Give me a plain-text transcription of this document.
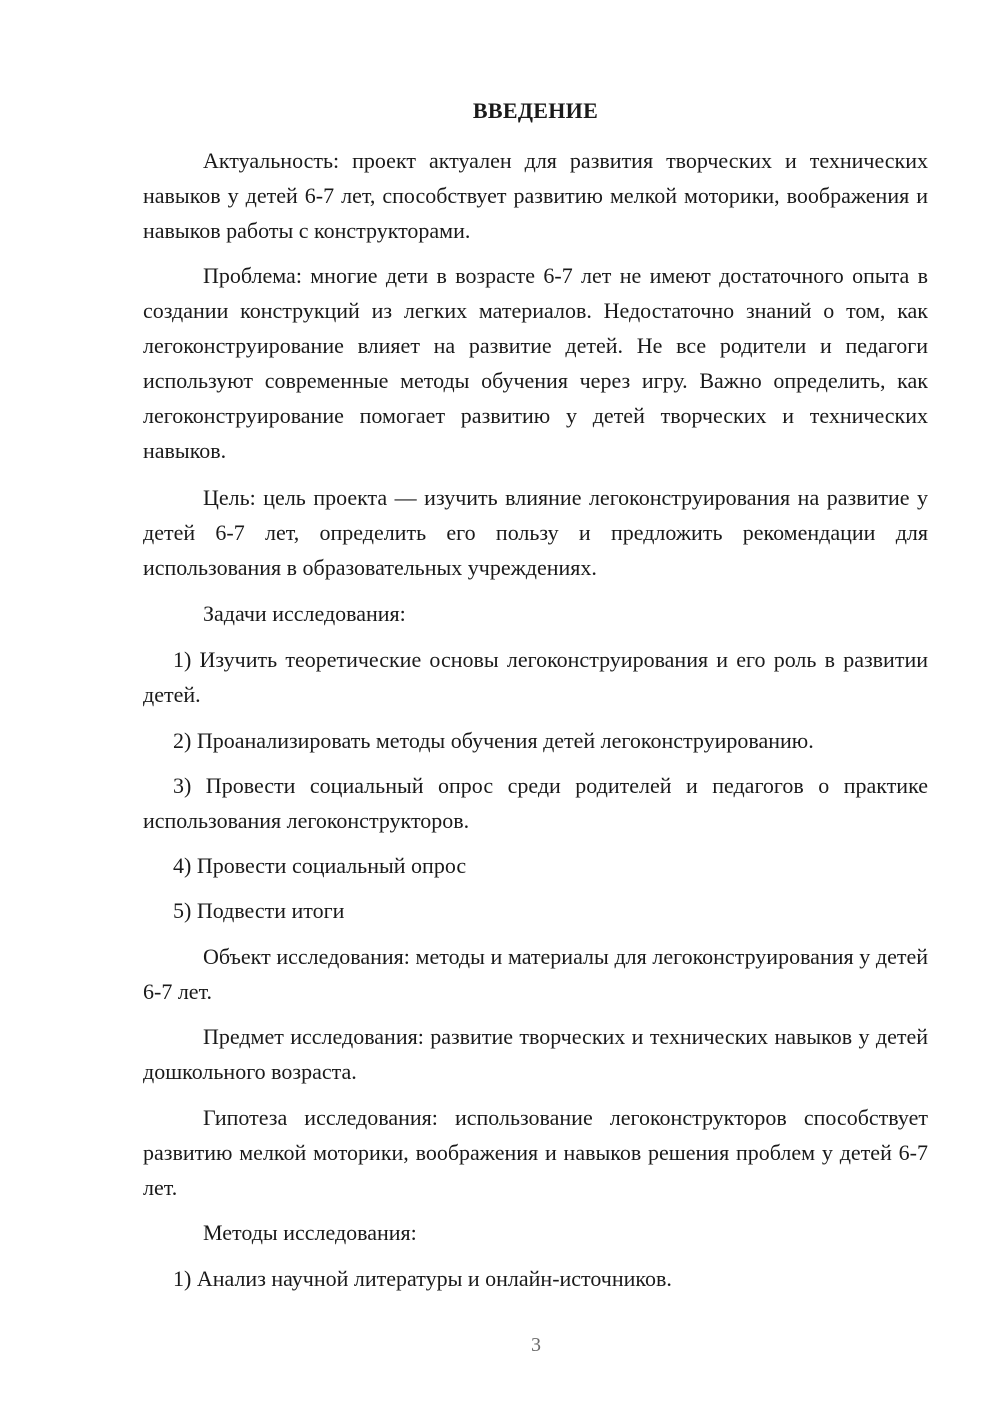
ВВЕДЕНИЕ

Актуальность: проект актуален для развития творческих и технических навыков у детей 6-7 лет, способствует развитию мелкой моторики, воображения и навыков работы с конструкторами.

Проблема: многие дети в возрасте 6-7 лет не имеют достаточного опыта в создании конструкций из легких материалов. Недостаточно знаний о том, как легоконструирование влияет на развитие детей. Не все родители и педагоги используют современные методы обучения через игру. Важно определить, как легоконструирование помогает развитию у детей творческих и технических навыков.

Цель: цель проекта — изучить влияние легоконструирования на развитие у детей 6-7 лет, определить его пользу и предложить рекомендации для использования в образовательных учреждениях.

Задачи исследования:

1) Изучить теоретические основы легоконструирования и его роль в развитии детей.

2) Проанализировать методы обучения детей легоконструированию.

3) Провести социальный опрос среди родителей и педагогов о практике использования легоконструкторов.

4) Провести социальный опрос

5) Подвести итоги

Объект исследования: методы и материалы для легоконструирования у детей 6-7 лет.

Предмет исследования: развитие творческих и технических навыков у детей дошкольного возраста.

Гипотеза исследования: использование легоконструкторов способствует развитию мелкой моторики, воображения и навыков решения проблем у детей 6-7 лет.

Методы исследования:

1) Анализ научной литературы и онлайн-источников.

3
